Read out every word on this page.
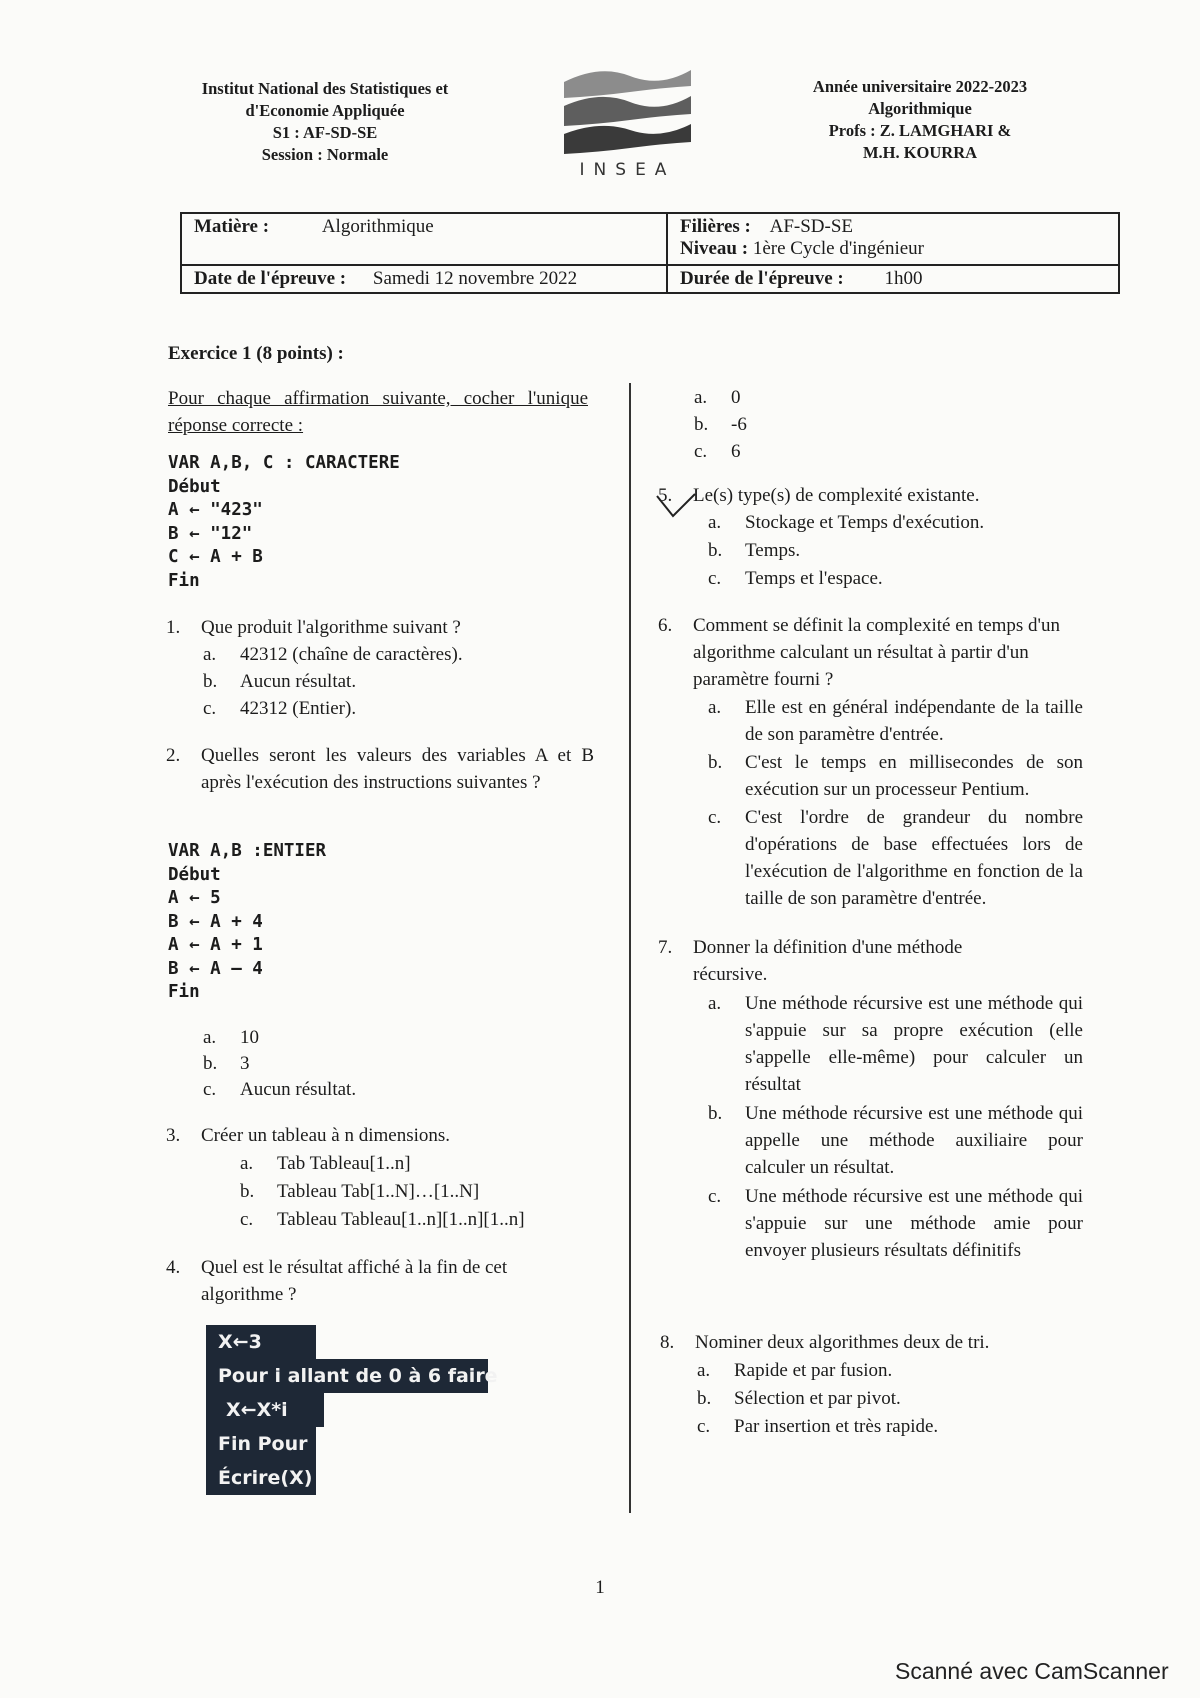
Institut National des Statistiques et
d'Economie Appliquée
S1 : AF-SD-SE
Session : Normale
INSEA
Année universitaire 2022-2023
Algorithmique
Profs : Z. LAMGHARI &
M.H. KOURRA
Matière : Algorithmique	Filières : AF-SD-SE
Niveau : 1ère Cycle d'ingénieur
Date de l'épreuve : Samedi 12 novembre 2022	Durée de l'épreuve : 1h00
Exercice 1 (8 points) :
Pour chaque affirmation suivante, cocher l'unique réponse correcte :
VAR A,B, C : CARACTERE
Début
A ← "423"
B ← "12"
C ← A + B
Fin
1. Que produit l'algorithme suivant ?
a. 42312 (chaîne de caractères).
b. Aucun résultat.
c. 42312 (Entier).
2. Quelles seront les valeurs des variables A et B après l'exécution des instructions suivantes ?
VAR A,B :ENTIER
Début
A ← 5
B ← A + 4
A ← A + 1
B ← A – 4
Fin
a. 10
b. 3
c. Aucun résultat.
3. Créer un tableau à n dimensions.
a. Tab Tableau[1..n]
b. Tableau Tab[1..N]…[1..N]
c. Tableau Tableau[1..n][1..n][1..n]
4. Quel est le résultat affiché à la fin de cet algorithme ?
X←3
Pour i allant de 0 à 6 faire
X←X*i
Fin Pour
Écrire(X)
a. 0
b. -6
c. 6
5. Le(s) type(s) de complexité existante.
a. Stockage et Temps d'exécution.
b. Temps.
c. Temps et l'espace.
6. Comment se définit la complexité en temps d'un algorithme calculant un résultat à partir d'un paramètre fourni ?
a.	Elle est en général indépendante de la taille de son paramètre d'entrée.
b.	C'est le temps en millisecondes de son exécution sur un processeur Pentium.
c.	C'est l'ordre de grandeur du nombre d'opérations de base effectuées lors de l'exécution de l'algorithme en fonction de la taille de son paramètre d'entrée.
7. Donner la définition d'une méthode récursive.
a.	Une méthode récursive est une méthode qui s'appuie sur sa propre exécution (elle s'appelle elle-même) pour calculer un résultat
b.	Une méthode récursive est une méthode qui appelle une méthode auxiliaire pour calculer un résultat.
c.	Une méthode récursive est une méthode qui s'appuie sur une méthode amie pour envoyer plusieurs résultats définitifs
8. Nominer deux algorithmes deux de tri.
a. Rapide et par fusion.
b. Sélection et par pivot.
c. Par insertion et très rapide.
1
Scanné avec CamScanner
